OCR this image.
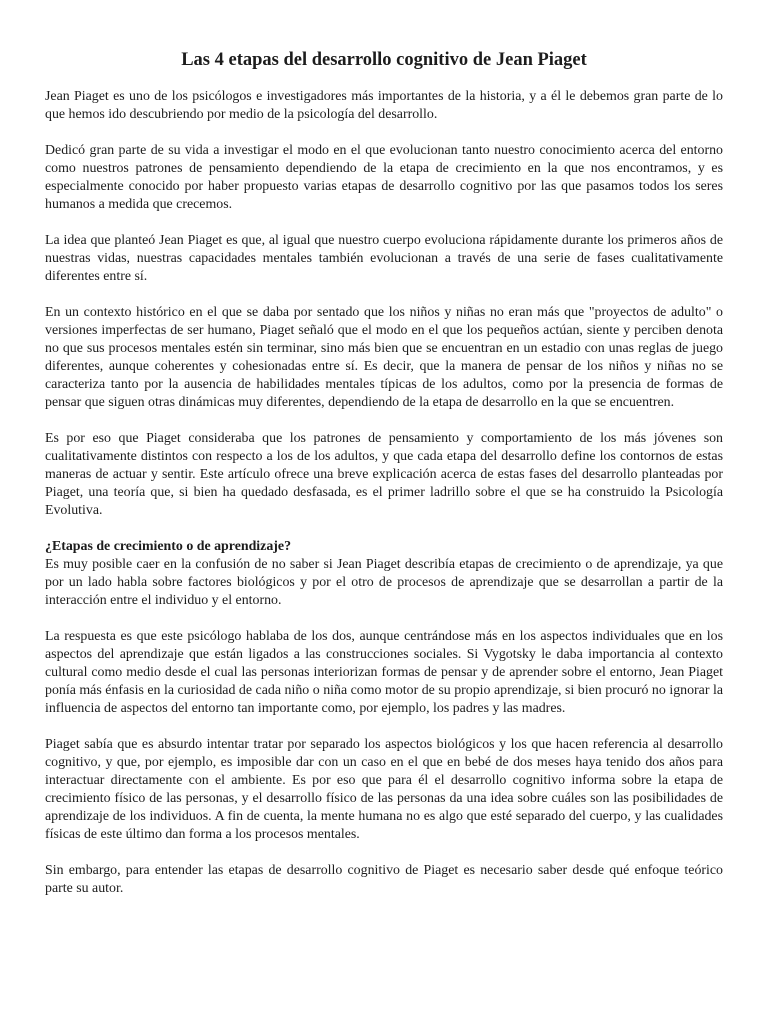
Las 4 etapas del desarrollo cognitivo de Jean Piaget

Jean Piaget es uno de los psicólogos e investigadores más importantes de la historia, y a él le debemos gran parte de lo que hemos ido descubriendo por medio de la psicología del desarrollo.

Dedicó gran parte de su vida a investigar el modo en el que evolucionan tanto nuestro conocimiento acerca del entorno como nuestros patrones de pensamiento dependiendo de la etapa de crecimiento en la que nos encontramos, y es especialmente conocido por haber propuesto varias etapas de desarrollo cognitivo por las que pasamos todos los seres humanos a medida que crecemos.

La idea que planteó Jean Piaget es que, al igual que nuestro cuerpo evoluciona rápidamente durante los primeros años de nuestras vidas, nuestras capacidades mentales también evolucionan a través de una serie de fases cualitativamente diferentes entre sí.

En un contexto histórico en el que se daba por sentado que los niños y niñas no eran más que "proyectos de adulto" o versiones imperfectas de ser humano, Piaget señaló que el modo en el que los pequeños actúan, siente y perciben denota no que sus procesos mentales estén sin terminar, sino más bien que se encuentran en un estadio con unas reglas de juego diferentes, aunque coherentes y cohesionadas entre sí. Es decir, que la manera de pensar de los niños y niñas no se caracteriza tanto por la ausencia de habilidades mentales típicas de los adultos, como por la presencia de formas de pensar que siguen otras dinámicas muy diferentes, dependiendo de la etapa de desarrollo en la que se encuentren.

Es por eso que Piaget consideraba que los patrones de pensamiento y comportamiento de los más jóvenes son cualitativamente distintos con respecto a los de los adultos, y que cada etapa del desarrollo define los contornos de estas maneras de actuar y sentir. Este artículo ofrece una breve explicación acerca de estas fases del desarrollo planteadas por Piaget, una teoría que, si bien ha quedado desfasada, es el primer ladrillo sobre el que se ha construido la Psicología Evolutiva.

¿Etapas de crecimiento o de aprendizaje?

Es muy posible caer en la confusión de no saber si Jean Piaget describía etapas de crecimiento o de aprendizaje, ya que por un lado habla sobre factores biológicos y por el otro de procesos de aprendizaje que se desarrollan a partir de la interacción entre el individuo y el entorno.

La respuesta es que este psicólogo hablaba de los dos, aunque centrándose más en los aspectos individuales que en los aspectos del aprendizaje que están ligados a las construcciones sociales. Si Vygotsky le daba importancia al contexto cultural como medio desde el cual las personas interiorizan formas de pensar y de aprender sobre el entorno, Jean Piaget ponía más énfasis en la curiosidad de cada niño o niña como motor de su propio aprendizaje, si bien procuró no ignorar la influencia de aspectos del entorno tan importante como, por ejemplo, los padres y las madres.

Piaget sabía que es absurdo intentar tratar por separado los aspectos biológicos y los que hacen referencia al desarrollo cognitivo, y que, por ejemplo, es imposible dar con un caso en el que en bebé de dos meses haya tenido dos años para interactuar directamente con el ambiente. Es por eso que para él el desarrollo cognitivo informa sobre la etapa de crecimiento físico de las personas, y el desarrollo físico de las personas da una idea sobre cuáles son las posibilidades de aprendizaje de los individuos. A fin de cuenta, la mente humana no es algo que esté separado del cuerpo, y las cualidades físicas de este último dan forma a los procesos mentales.

Sin embargo, para entender las etapas de desarrollo cognitivo de Piaget es necesario saber desde qué enfoque teórico parte su autor.
